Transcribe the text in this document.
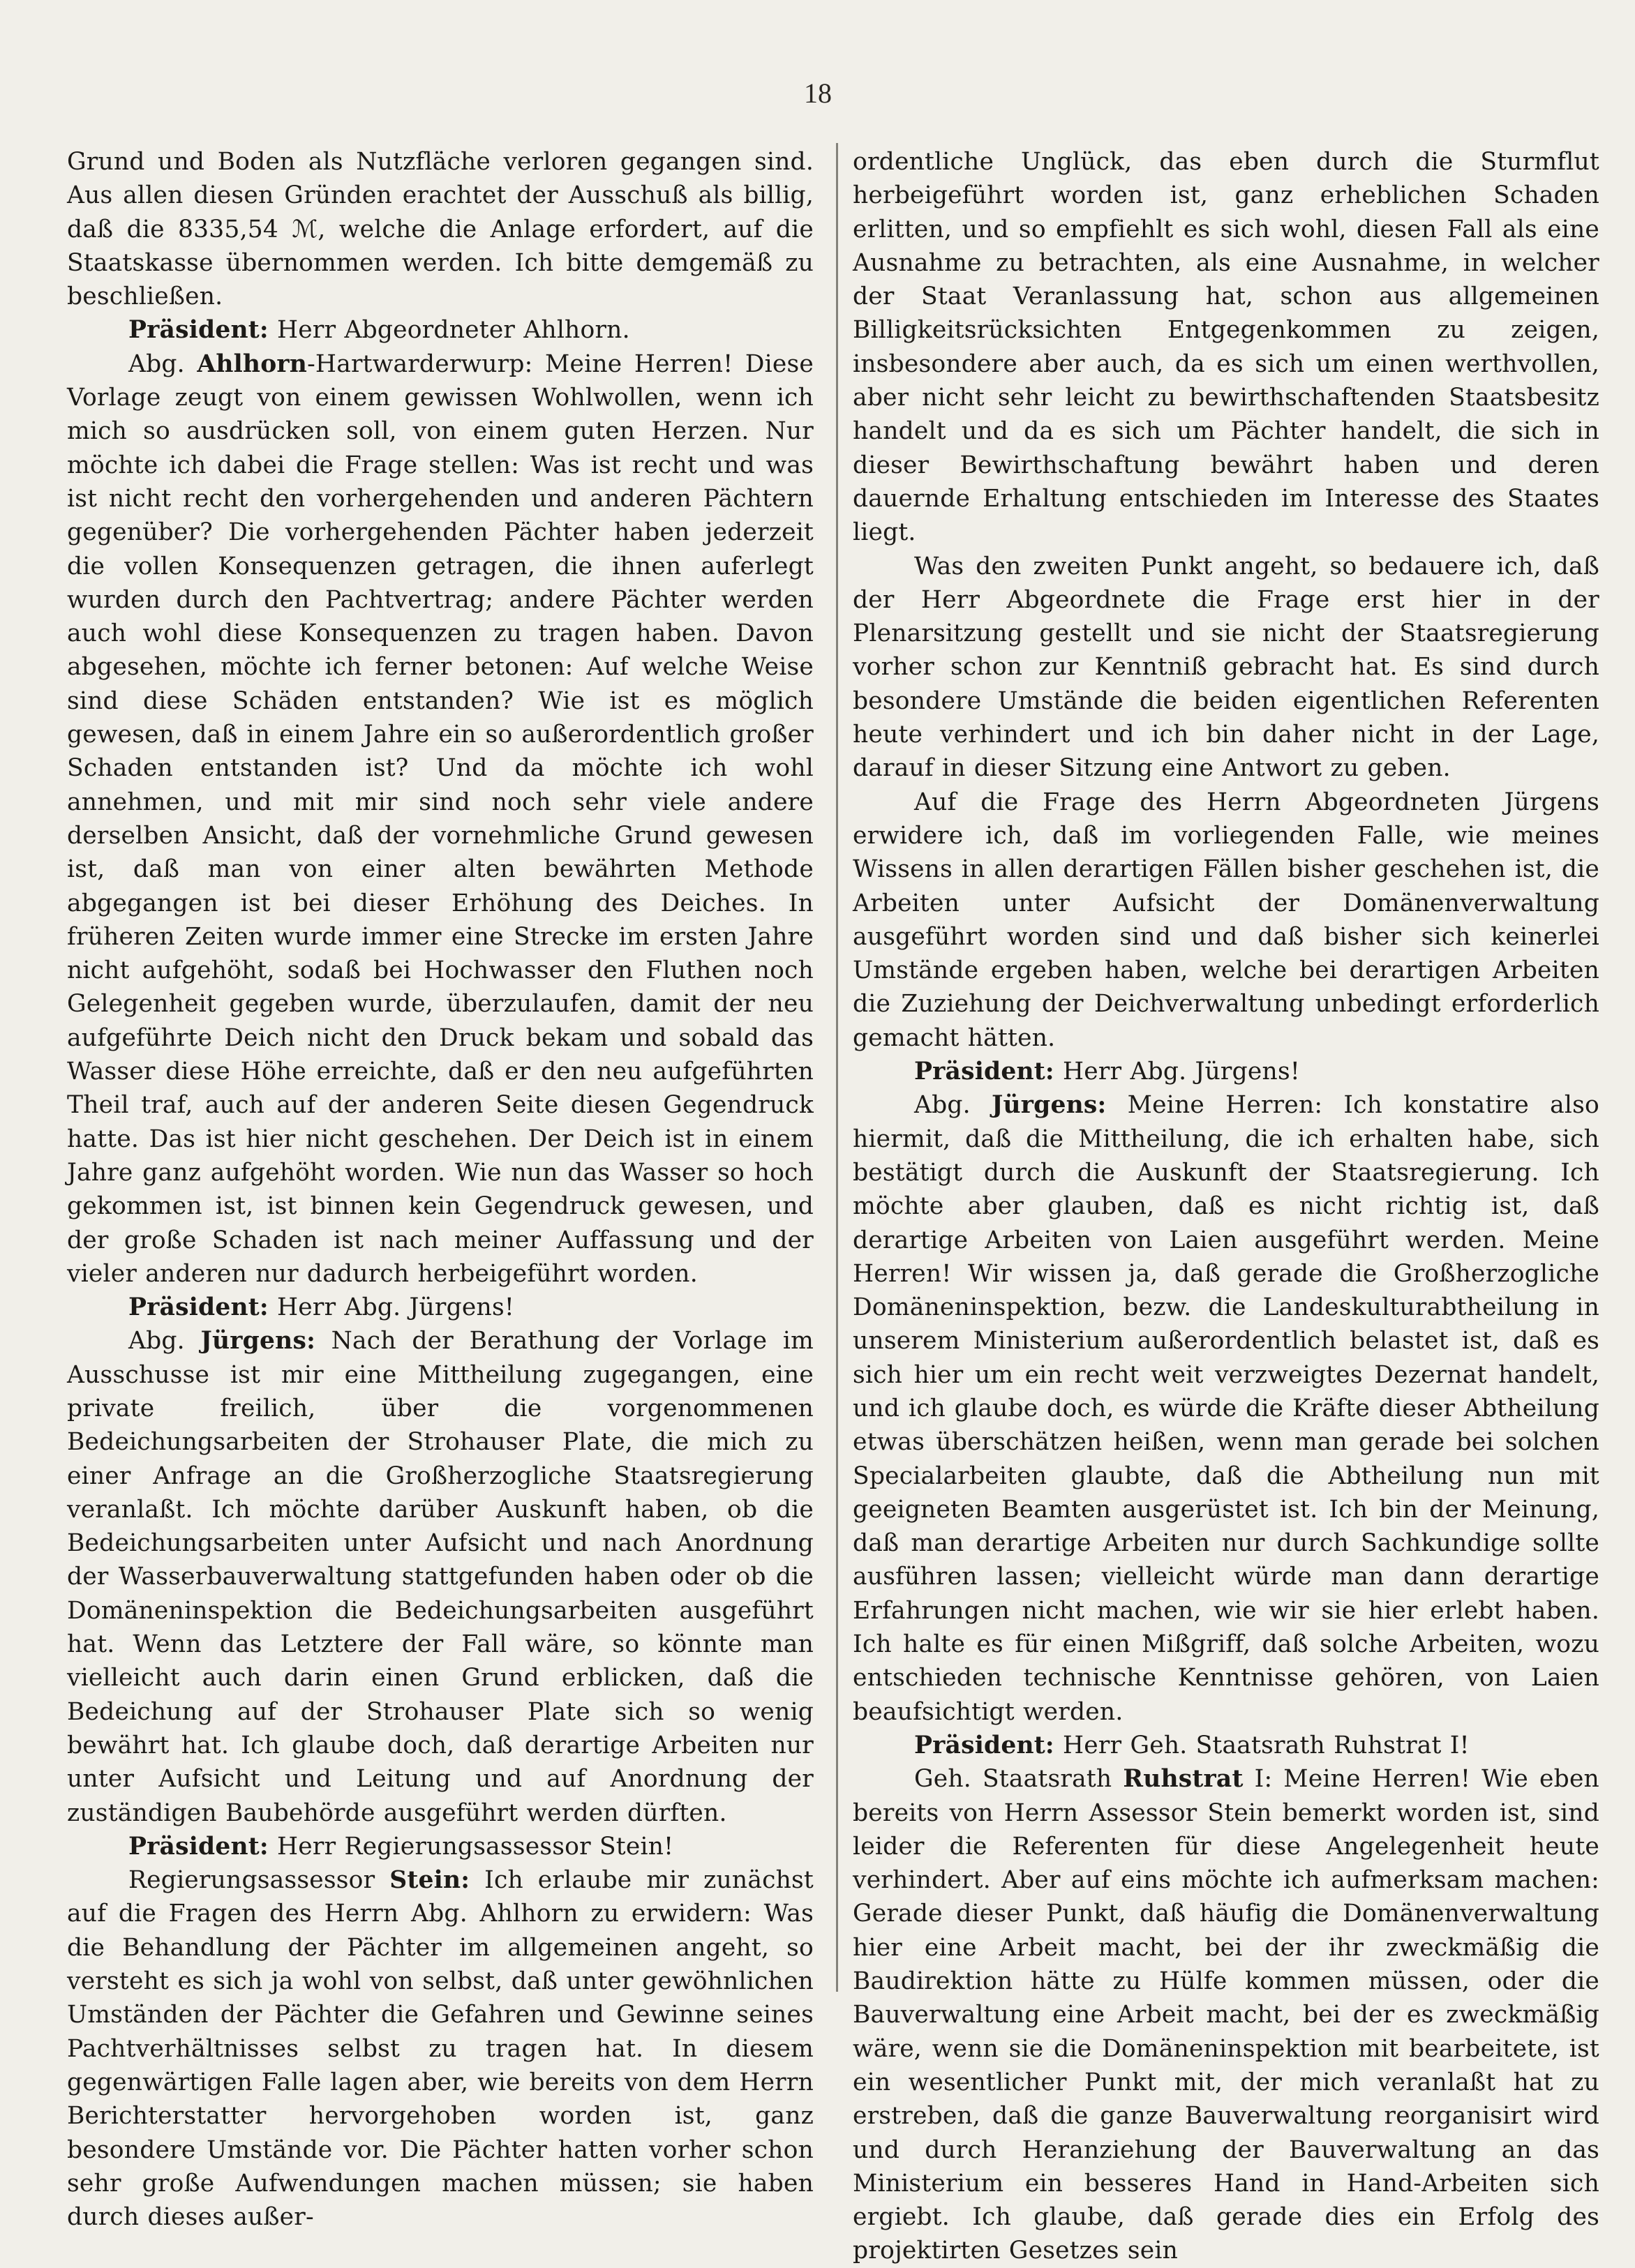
18

Grund und Boden als Nutzfläche verloren gegangen sind. Aus allen diesen Gründen erachtet der Ausschuß als billig, daß die 8335,54 ℳ, welche die Anlage erfordert, auf die Staatskasse übernommen werden. Ich bitte demgemäß zu beschließen.

Präsident: Herr Abgeordneter Ahlhorn.

Abg. Ahlhorn-Hartwarderwurp: Meine Herren! Diese Vorlage zeugt von einem gewissen Wohlwollen, wenn ich mich so ausdrücken soll, von einem guten Herzen. Nur möchte ich dabei die Frage stellen: Was ist recht und was ist nicht recht den vorhergehenden und anderen Pächtern gegenüber? Die vorhergehenden Pächter haben jederzeit die vollen Konsequenzen getragen, die ihnen auferlegt wurden durch den Pachtvertrag; andere Pächter werden auch wohl diese Konsequenzen zu tragen haben. Davon abgesehen, möchte ich ferner betonen: Auf welche Weise sind diese Schäden entstanden? Wie ist es möglich gewesen, daß in einem Jahre ein so außerordentlich großer Schaden entstanden ist? Und da möchte ich wohl annehmen, und mit mir sind noch sehr viele andere derselben Ansicht, daß der vornehmliche Grund gewesen ist, daß man von einer alten bewährten Methode abgegangen ist bei dieser Erhöhung des Deiches. In früheren Zeiten wurde immer eine Strecke im ersten Jahre nicht aufgehöht, sodaß bei Hochwasser den Fluthen noch Gelegenheit gegeben wurde, überzulaufen, damit der neu aufgeführte Deich nicht den Druck bekam und sobald das Wasser diese Höhe erreichte, daß er den neu aufgeführten Theil traf, auch auf der anderen Seite diesen Gegendruck hatte. Das ist hier nicht geschehen. Der Deich ist in einem Jahre ganz aufgehöht worden. Wie nun das Wasser so hoch gekommen ist, ist binnen kein Gegendruck gewesen, und der große Schaden ist nach meiner Auffassung und der vieler anderen nur dadurch herbeigeführt worden.

Präsident: Herr Abg. Jürgens!

Abg. Jürgens: Nach der Berathung der Vorlage im Ausschusse ist mir eine Mittheilung zugegangen, eine private freilich, über die vorgenommenen Bedeichungsarbeiten der Strohauser Plate, die mich zu einer Anfrage an die Großherzogliche Staatsregierung veranlaßt. Ich möchte darüber Auskunft haben, ob die Bedeichungsarbeiten unter Aufsicht und nach Anordnung der Wasserbauverwaltung stattgefunden haben oder ob die Domäneninspektion die Bedeichungsarbeiten ausgeführt hat. Wenn das Letztere der Fall wäre, so könnte man vielleicht auch darin einen Grund erblicken, daß die Bedeichung auf der Strohauser Plate sich so wenig bewährt hat. Ich glaube doch, daß derartige Arbeiten nur unter Aufsicht und Leitung und auf Anordnung der zuständigen Baubehörde ausgeführt werden dürften.

Präsident: Herr Regierungsassessor Stein!

Regierungsassessor Stein: Ich erlaube mir zunächst auf die Fragen des Herrn Abg. Ahlhorn zu erwidern: Was die Behandlung der Pächter im allgemeinen angeht, so versteht es sich ja wohl von selbst, daß unter gewöhnlichen Umständen der Pächter die Gefahren und Gewinne seines Pachtverhältnisses selbst zu tragen hat. In diesem gegenwärtigen Falle lagen aber, wie bereits von dem Herrn Berichterstatter hervorgehoben worden ist, ganz besondere Umstände vor. Die Pächter hatten vorher schon sehr große Aufwendungen machen müssen; sie haben durch dieses außer-

ordentliche Unglück, das eben durch die Sturmflut herbeigeführt worden ist, ganz erheblichen Schaden erlitten, und so empfiehlt es sich wohl, diesen Fall als eine Ausnahme zu betrachten, als eine Ausnahme, in welcher der Staat Veranlassung hat, schon aus allgemeinen Billigkeitsrücksichten Entgegenkommen zu zeigen, insbesondere aber auch, da es sich um einen werthvollen, aber nicht sehr leicht zu bewirthschaftenden Staatsbesitz handelt und da es sich um Pächter handelt, die sich in dieser Bewirthschaftung bewährt haben und deren dauernde Erhaltung entschieden im Interesse des Staates liegt.

Was den zweiten Punkt angeht, so bedauere ich, daß der Herr Abgeordnete die Frage erst hier in der Plenarsitzung gestellt und sie nicht der Staatsregierung vorher schon zur Kenntniß gebracht hat. Es sind durch besondere Umstände die beiden eigentlichen Referenten heute verhindert und ich bin daher nicht in der Lage, darauf in dieser Sitzung eine Antwort zu geben.

Auf die Frage des Herrn Abgeordneten Jürgens erwidere ich, daß im vorliegenden Falle, wie meines Wissens in allen derartigen Fällen bisher geschehen ist, die Arbeiten unter Aufsicht der Domänenverwaltung ausgeführt worden sind und daß bisher sich keinerlei Umstände ergeben haben, welche bei derartigen Arbeiten die Zuziehung der Deichverwaltung unbedingt erforderlich gemacht hätten.

Präsident: Herr Abg. Jürgens!

Abg. Jürgens: Meine Herren: Ich konstatire also hiermit, daß die Mittheilung, die ich erhalten habe, sich bestätigt durch die Auskunft der Staatsregierung. Ich möchte aber glauben, daß es nicht richtig ist, daß derartige Arbeiten von Laien ausgeführt werden. Meine Herren! Wir wissen ja, daß gerade die Großherzogliche Domäneninspektion, bezw. die Landeskulturabtheilung in unserem Ministerium außerordentlich belastet ist, daß es sich hier um ein recht weit verzweigtes Dezernat handelt, und ich glaube doch, es würde die Kräfte dieser Abtheilung etwas überschätzen heißen, wenn man gerade bei solchen Specialarbeiten glaubte, daß die Abtheilung nun mit geeigneten Beamten ausgerüstet ist. Ich bin der Meinung, daß man derartige Arbeiten nur durch Sachkundige sollte ausführen lassen; vielleicht würde man dann derartige Erfahrungen nicht machen, wie wir sie hier erlebt haben. Ich halte es für einen Mißgriff, daß solche Arbeiten, wozu entschieden technische Kenntnisse gehören, von Laien beaufsichtigt werden.

Präsident: Herr Geh. Staatsrath Ruhstrat I!

Geh. Staatsrath Ruhstrat I: Meine Herren! Wie eben bereits von Herrn Assessor Stein bemerkt worden ist, sind leider die Referenten für diese Angelegenheit heute verhindert. Aber auf eins möchte ich aufmerksam machen: Gerade dieser Punkt, daß häufig die Domänenverwaltung hier eine Arbeit macht, bei der ihr zweckmäßig die Baudirektion hätte zu Hülfe kommen müssen, oder die Bauverwaltung eine Arbeit macht, bei der es zweckmäßig wäre, wenn sie die Domäneninspektion mit bearbeitete, ist ein wesentlicher Punkt mit, der mich veranlaßt hat zu erstreben, daß die ganze Bauverwaltung reorganisirt wird und durch Heranziehung der Bauverwaltung an das Ministerium ein besseres Hand in Hand-Arbeiten sich ergiebt. Ich glaube, daß gerade dies ein Erfolg des projektirten Gesetzes sein
